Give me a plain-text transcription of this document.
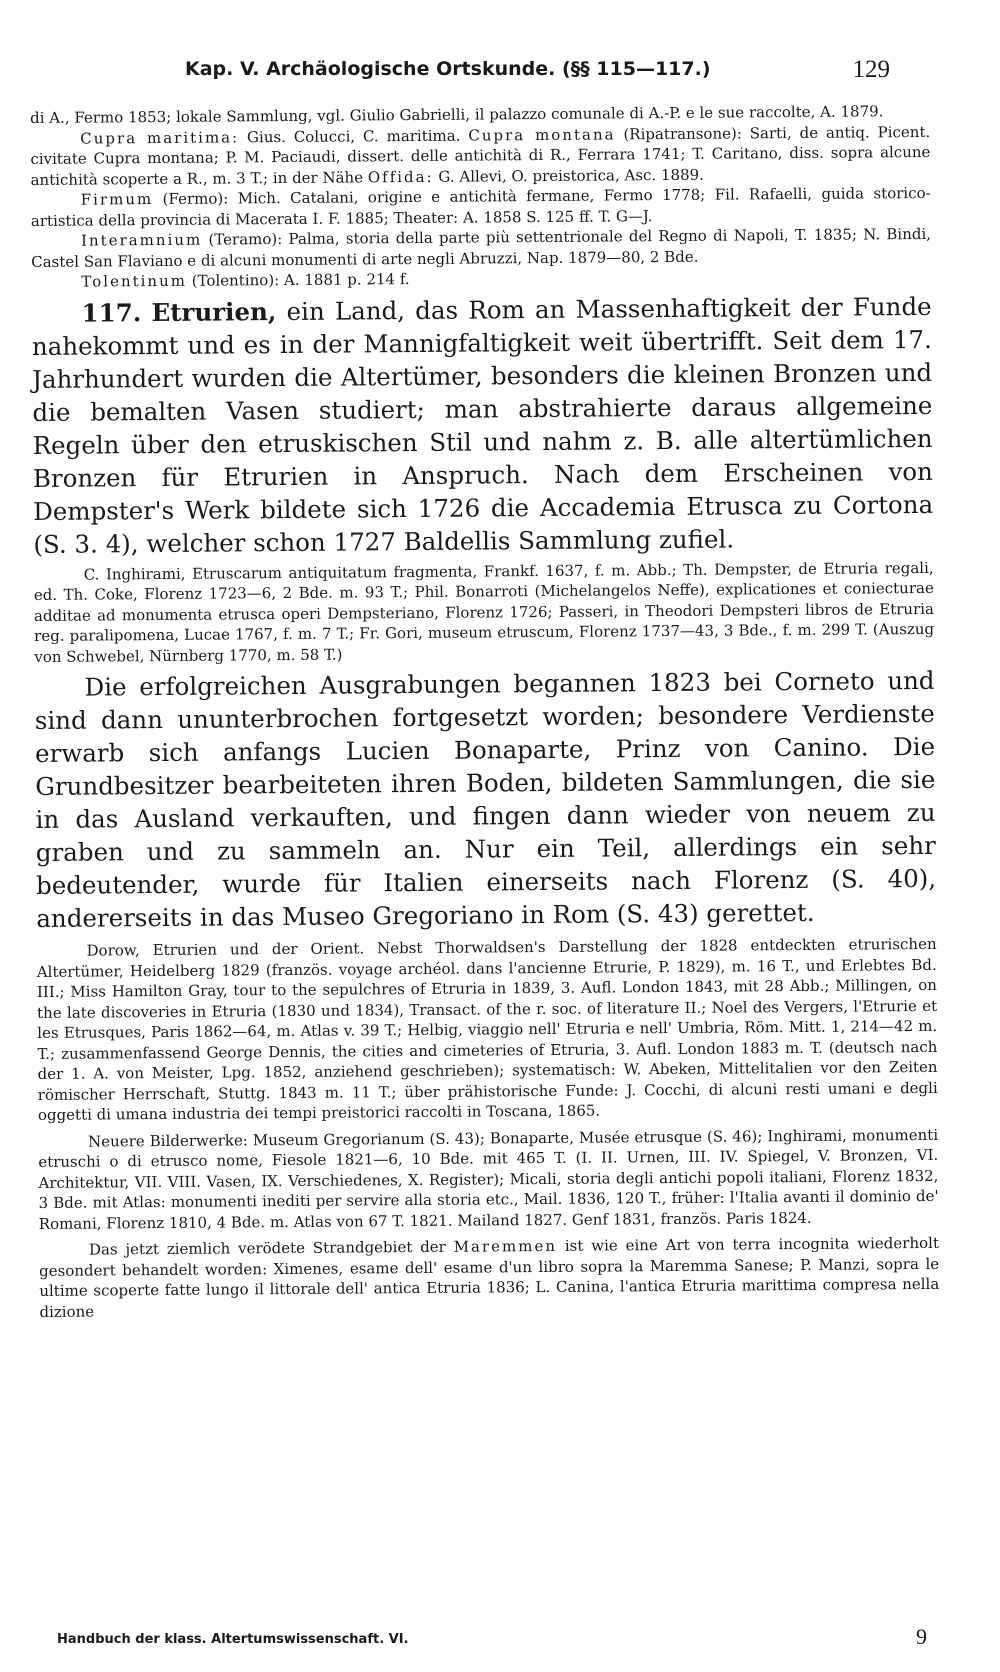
Kap. V. Archäologische Ortskunde. (§§ 115—117.)	129

di A., Fermo 1853; lokale Sammlung, vgl. Giulio Gabrielli, il palazzo comunale di A.-P. e le sue raccolte, A. 1879.

Cupra maritima: Gius. Colucci, C. maritima. Cupra montana (Ripatransone): Sarti, de antiq. Picent. civitate Cupra montana; P. M. Paciaudi, dissert. delle antichità di R., Ferrara 1741; T. Caritano, diss. sopra alcune antichità scoperte a R., m. 3 T.; in der Nähe Offida: G. Allevi, O. preistorica, Asc. 1889.

Firmum (Fermo): Mich. Catalani, origine e antichità fermane, Fermo 1778; Fil. Rafaelli, guida storico-artistica della provincia di Macerata I. F. 1885; Theater: A. 1858 S. 125 ff. T. G—J.

Interamnium (Teramo): Palma, storia della parte più settentrionale del Regno di Napoli, T. 1835; N. Bindi, Castel San Flaviano e di alcuni monumenti di arte negli Abruzzi, Nap. 1879—80, 2 Bde.

Tolentinum (Tolentino): A. 1881 p. 214 f.

117. Etrurien, ein Land, das Rom an Massenhaftigkeit der Funde nahekommt und es in der Mannigfaltigkeit weit übertrifft. Seit dem 17. Jahrhundert wurden die Altertümer, besonders die kleinen Bronzen und die bemalten Vasen studiert; man abstrahierte daraus allgemeine Regeln über den etruskischen Stil und nahm z. B. alle altertümlichen Bronzen für Etrurien in Anspruch. Nach dem Erscheinen von Dempster's Werk bildete sich 1726 die Accademia Etrusca zu Cortona (S. 3. 4), welcher schon 1727 Baldellis Sammlung zufiel.

C. Inghirami, Etruscarum antiquitatum fragmenta, Frankf. 1637, f. m. Abb.; Th. Dempster, de Etruria regali, ed. Th. Coke, Florenz 1723—6, 2 Bde. m. 93 T.; Phil. Bonarroti (Michelangelos Neffe), explicationes et coniecturae additae ad monumenta etrusca operi Dempsteriano, Florenz 1726; Passeri, in Theodori Dempsteri libros de Etruria reg. paralipomena, Lucae 1767, f. m. 7 T.; Fr. Gori, museum etruscum, Florenz 1737—43, 3 Bde., f. m. 299 T. (Auszug von Schwebel, Nürnberg 1770, m. 58 T.)

Die erfolgreichen Ausgrabungen begannen 1823 bei Corneto und sind dann ununterbrochen fortgesetzt worden; besondere Verdienste erwarb sich anfangs Lucien Bonaparte, Prinz von Canino. Die Grundbesitzer bearbeiteten ihren Boden, bildeten Sammlungen, die sie in das Ausland verkauften, und fingen dann wieder von neuem zu graben und zu sammeln an. Nur ein Teil, allerdings ein sehr bedeutender, wurde für Italien einerseits nach Florenz (S. 40), andererseits in das Museo Gregoriano in Rom (S. 43) gerettet.

Dorow, Etrurien und der Orient. Nebst Thorwaldsen's Darstellung der 1828 entdeckten etrurischen Altertümer, Heidelberg 1829 (französ. voyage archéol. dans l'ancienne Etrurie, P. 1829), m. 16 T., und Erlebtes Bd. III.; Miss Hamilton Gray, tour to the sepulchres of Etruria in 1839, 3. Aufl. London 1843, mit 28 Abb.; Millingen, on the late discoveries in Etruria (1830 und 1834), Transact. of the r. soc. of literature II.; Noel des Vergers, l'Etrurie et les Etrusques, Paris 1862—64, m. Atlas v. 39 T.; Helbig, viaggio nell' Etruria e nell' Umbria, Röm. Mitt. 1, 214—42 m. T.; zusammenfassend George Dennis, the cities and cimeteries of Etruria, 3. Aufl. London 1883 m. T. (deutsch nach der 1. A. von Meister, Lpg. 1852, anziehend geschrieben); systematisch: W. Abeken, Mittelitalien vor den Zeiten römischer Herrschaft, Stuttg. 1843 m. 11 T.; über prähistorische Funde: J. Cocchi, di alcuni resti umani e degli oggetti di umana industria dei tempi preistorici raccolti in Toscana, 1865.

Neuere Bilderwerke: Museum Gregorianum (S. 43); Bonaparte, Musée etrusque (S. 46); Inghirami, monumenti etruschi o di etrusco nome, Fiesole 1821—6, 10 Bde. mit 465 T. (I. II. Urnen, III. IV. Spiegel, V. Bronzen, VI. Architektur, VII. VIII. Vasen, IX. Verschiedenes, X. Register); Micali, storia degli antichi popoli italiani, Florenz 1832, 3 Bde. mit Atlas: monumenti inediti per servire alla storia etc., Mail. 1836, 120 T., früher: l'Italia avanti il dominio de' Romani, Florenz 1810, 4 Bde. m. Atlas von 67 T. 1821. Mailand 1827. Genf 1831, französ. Paris 1824.

Das jetzt ziemlich verödete Strandgebiet der Maremmen ist wie eine Art von terra incognita wiederholt gesondert behandelt worden: Ximenes, esame dell' esame d'un libro sopra la Maremma Sanese; P. Manzi, sopra le ultime scoperte fatte lungo il littorale dell' antica Etruria 1836; L. Canina, l'antica Etruria marittima compresa nella dizione

Handbuch der klass. Altertumswissenschaft. VI.	9
